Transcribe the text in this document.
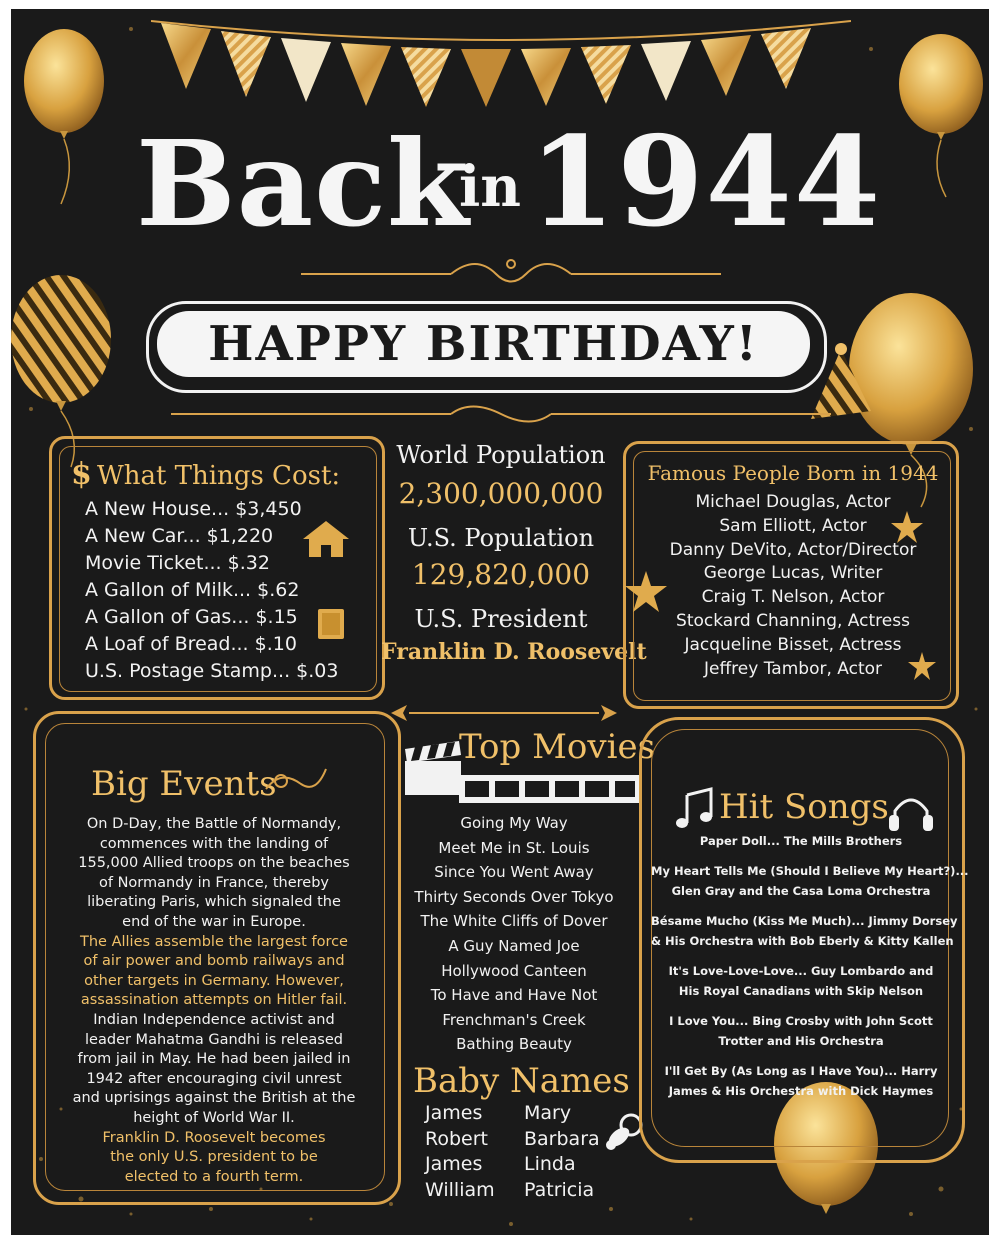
Back
in 1944
HAPPY BIRTHDAY!
$ What Things Cost:
A New House... $3,450
A New Car... $1,220
Movie Ticket... $.32
A Gallon of Milk... $.62
A Gallon of Gas... $.15
A Loaf of Bread... $.10
U.S. Postage Stamp... $.03
World Population
2,300,000,000
U.S. Population
129,820,000
U.S. President
Franklin D. Roosevelt
Famous People Born in 1944
Michael Douglas, Actor
Sam Elliott, Actor
Danny DeVito, Actor/Director
George Lucas, Writer
Craig T. Nelson, Actor
Stockard Channing, Actress
Jacqueline Bisset, Actress
Jeffrey Tambor, Actor
Big Events
On D-Day, the Battle of Normandy,
commences with the landing of
155,000 Allied troops on the beaches
of Normandy in France, thereby
liberating Paris, which signaled the
end of the war in Europe.
The Allies assemble the largest force
of air power and bomb railways and
other targets in Germany. However,
assassination attempts on Hitler fail.
Indian Independence activist and
leader Mahatma Gandhi is released
from jail in May. He had been jailed in
1942 after encouraging civil unrest
and uprisings against the British at the
height of World War II.
Franklin D. Roosevelt becomes
the only U.S. president to be
elected to a fourth term.
Top Movies
Going My Way
Meet Me in St. Louis
Since You Went Away
Thirty Seconds Over Tokyo
The White Cliffs of Dover
A Guy Named Joe
Hollywood Canteen
To Have and Have Not
Frenchman's Creek
Bathing Beauty
Baby Names
James
Robert
James
William
Mary
Barbara
Linda
Patricia
Hit Songs
Paper Doll... The Mills Brothers
My Heart Tells Me (Should I Believe My Heart?)...
Glen Gray and the Casa Loma Orchestra
Bésame Mucho (Kiss Me Much)... Jimmy Dorsey
& His Orchestra with Bob Eberly & Kitty Kallen
It's Love-Love-Love... Guy Lombardo and
His Royal Canadians with Skip Nelson
I Love You... Bing Crosby with John Scott
Trotter and His Orchestra
I'll Get By (As Long as I Have You)... Harry
James & His Orchestra with Dick Haymes
